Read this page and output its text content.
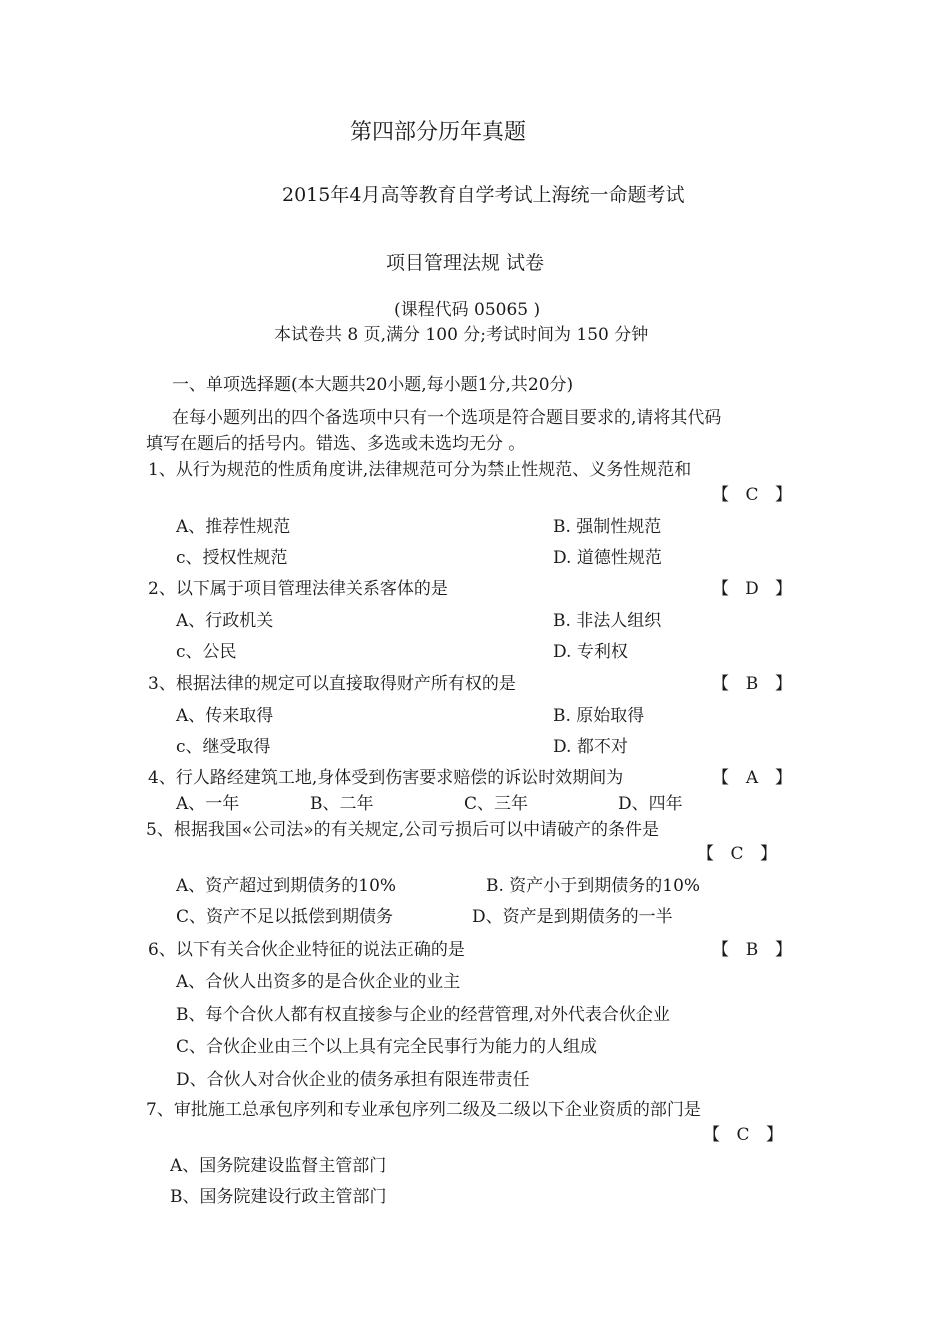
第四部分历年真题
2015年4月高等教育自学考试上海统一命题考试
项目管理法规 试卷
(课程代码 05065 )
本试卷共 8 页,满分 100 分;考试时间为 150 分钟
一、单项选择题(本大题共20小题,每小题1分,共20分)
在每小题列出的四个备选项中只有一个选项是符合题目要求的,请将其代码
填写在题后的括号内。错选、多选或未选均无分 。
1、从行为规范的性质角度讲,法律规范可分为禁止性规范、义务性规范和
【 C 】
A、推荐性规范	B. 强制性规范
c、授权性规范	D. 道德性规范
2、以下属于项目管理法律关系客体的是	【 D 】
A、行政机关	B. 非法人组织
c、公民	D. 专利权
3、根据法律的规定可以直接取得财产所有权的是	【 B 】
A、传来取得	B. 原始取得
c、继受取得	D. 都不对
4、行人路经建筑工地,身体受到伤害要求赔偿的诉讼时效期间为	【 A 】
A、一年	B、二年	C、三年	D、四年
5、根据我国«公司法»的有关规定,公司亏损后可以中请破产的条件是
【 C 】
A、资产超过到期债务的10%	B. 资产小于到期债务的10%
C、资产不足以抵偿到期债务	D、资产是到期债务的一半
6、以下有关合伙企业特征的说法正确的是	【 B 】
A、合伙人出资多的是合伙企业的业主
B、每个合伙人都有权直接参与企业的经营管理,对外代表合伙企业
C、合伙企业由三个以上具有完全民事行为能力的人组成
D、合伙人对合伙企业的债务承担有限连带责任
7、审批施工总承包序列和专业承包序列二级及二级以下企业资质的部门是
【 C 】
A、国务院建设监督主管部门
B、国务院建设行政主管部门
